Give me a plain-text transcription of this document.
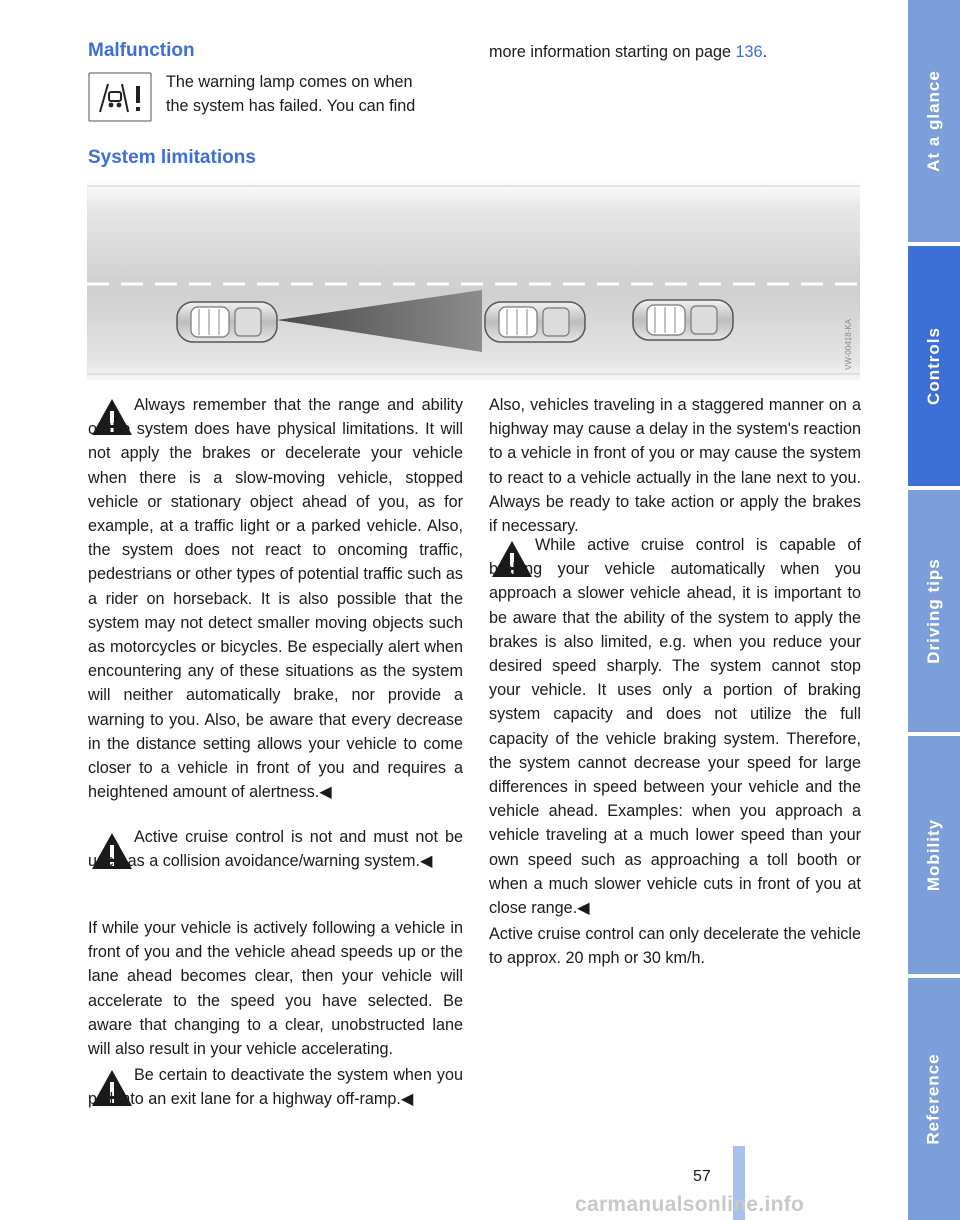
Malfunction

The warning lamp comes on when
the system has failed. You can find

more information starting on page 136.

System limitations
VW-00418-KA

Always remember that the range and ability of the system does have physical limitations. It will not apply the brakes or decelerate your vehicle when there is a slow-moving vehicle, stopped vehicle or stationary object ahead of you, as for example, at a traffic light or a parked vehicle. Also, the system does not react to oncoming traffic, pedestrians or other types of potential traffic such as a rider on horseback. It is also possible that the system may not detect smaller moving objects such as motorcycles or bicycles. Be especially alert when encountering any of these situations as the system will neither automatically brake, nor provide a warning to you. Also, be aware that every decrease in the distance setting allows your vehicle to come closer to a vehicle in front of you and requires a heightened amount of alertness.◀

Active cruise control is not and must not be used as a collision avoidance/warning system.◀

If while your vehicle is actively following a vehicle in front of you and the vehicle ahead speeds up or the lane ahead becomes clear, then your vehicle will accelerate to the speed you have selected. Be aware that changing to a clear, unobstructed lane will also result in your vehicle accelerating.

Be certain to deactivate the system when you pull into an exit lane for a highway off-ramp.◀

Also, vehicles traveling in a staggered manner on a highway may cause a delay in the system's reaction to a vehicle in front of you or may cause the system to react to a vehicle actually in the lane next to you. Always be ready to take action or apply the brakes if necessary.

While active cruise control is capable of braking your vehicle automatically when you approach a slower vehicle ahead, it is important to be aware that the ability of the system to apply the brakes is also limited, e.g. when you reduce your desired speed sharply. The system cannot stop your vehicle. It uses only a portion of braking system capacity and does not utilize the full capacity of the vehicle braking system. Therefore, the system cannot decrease your speed for large differences in speed between your vehicle and the vehicle ahead. Examples: when you approach a vehicle traveling at a much lower speed than your own speed such as approaching a toll booth or when a much slower vehicle cuts in front of you at close range.◀

Active cruise control can only decelerate the vehicle to approx. 20 mph or 30 km/h.

At a glance
Controls
Driving tips
Mobility
Reference
57
carmanualsonline.info
